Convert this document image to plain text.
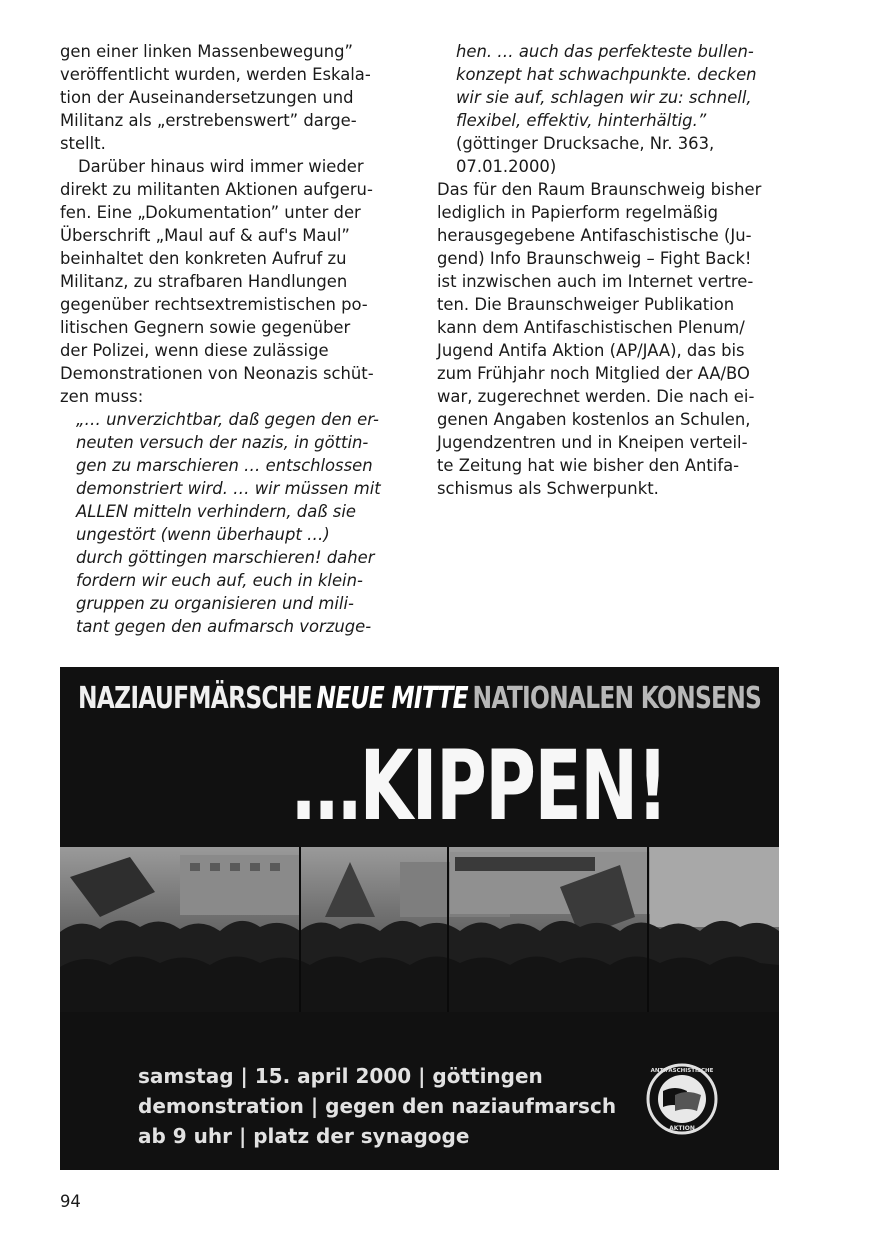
gen einer linken Massenbewegung”
veröffentlicht wurden, werden Eskala-
tion der Auseinandersetzungen und
Militanz als „erstrebenswert” darge-
stellt.
Darüber hinaus wird immer wieder
direkt zu militanten Aktionen aufgeru-
fen. Eine „Dokumentation” unter der
Überschrift „Maul auf & auf's Maul”
beinhaltet den konkreten Aufruf zu
Militanz, zu strafbaren Handlungen
gegenüber rechtsextremistischen po-
litischen Gegnern sowie gegenüber
der Polizei, wenn diese zulässige
Demonstrationen von Neonazis schüt-
zen muss:
„… unverzichtbar, daß gegen den er-
neuten versuch der nazis, in göttin-
gen zu marschieren … entschlossen
demonstriert wird. … wir müssen mit
ALLEN mitteln verhindern, daß sie
ungestört (wenn überhaupt …)
durch göttingen marschieren! daher
fordern wir euch auf, euch in klein-
gruppen zu organisieren und mili-
tant gegen den aufmarsch vorzuge-
hen. … auch das perfekteste bullen-
konzept hat schwachpunkte. decken
wir sie auf, schlagen wir zu: schnell,
flexibel, effektiv, hinterhältig.”
(göttinger Drucksache, Nr. 363,
07.01.2000)
Das für den Raum Braunschweig bisher
lediglich in Papierform regelmäßig
herausgegebene Antifaschistische (Ju-
gend) Info Braunschweig – Fight Back!
ist inzwischen auch im Internet vertre-
ten. Die Braunschweiger Publikation
kann dem Antifaschistischen Plenum/
Jugend Antifa Aktion (AP/JAA), das bis
zum Frühjahr noch Mitglied der AA/BO
war, zugerechnet werden. Die nach ei-
genen Angaben kostenlos an Schulen,
Jugendzentren und in Kneipen verteil-
te Zeitung hat wie bisher den Antifa-
schismus als Schwerpunkt.
NAZIAUFMÄRSCHE NEUE MITTE NATIONALEN KONSENS
…KIPPEN!
samstag | 15. april 2000 | göttingen
demonstration | gegen den naziaufmarsch
ab 9 uhr | platz der synagoge
ANTIFASCHISTISCHE
AKTION
94
